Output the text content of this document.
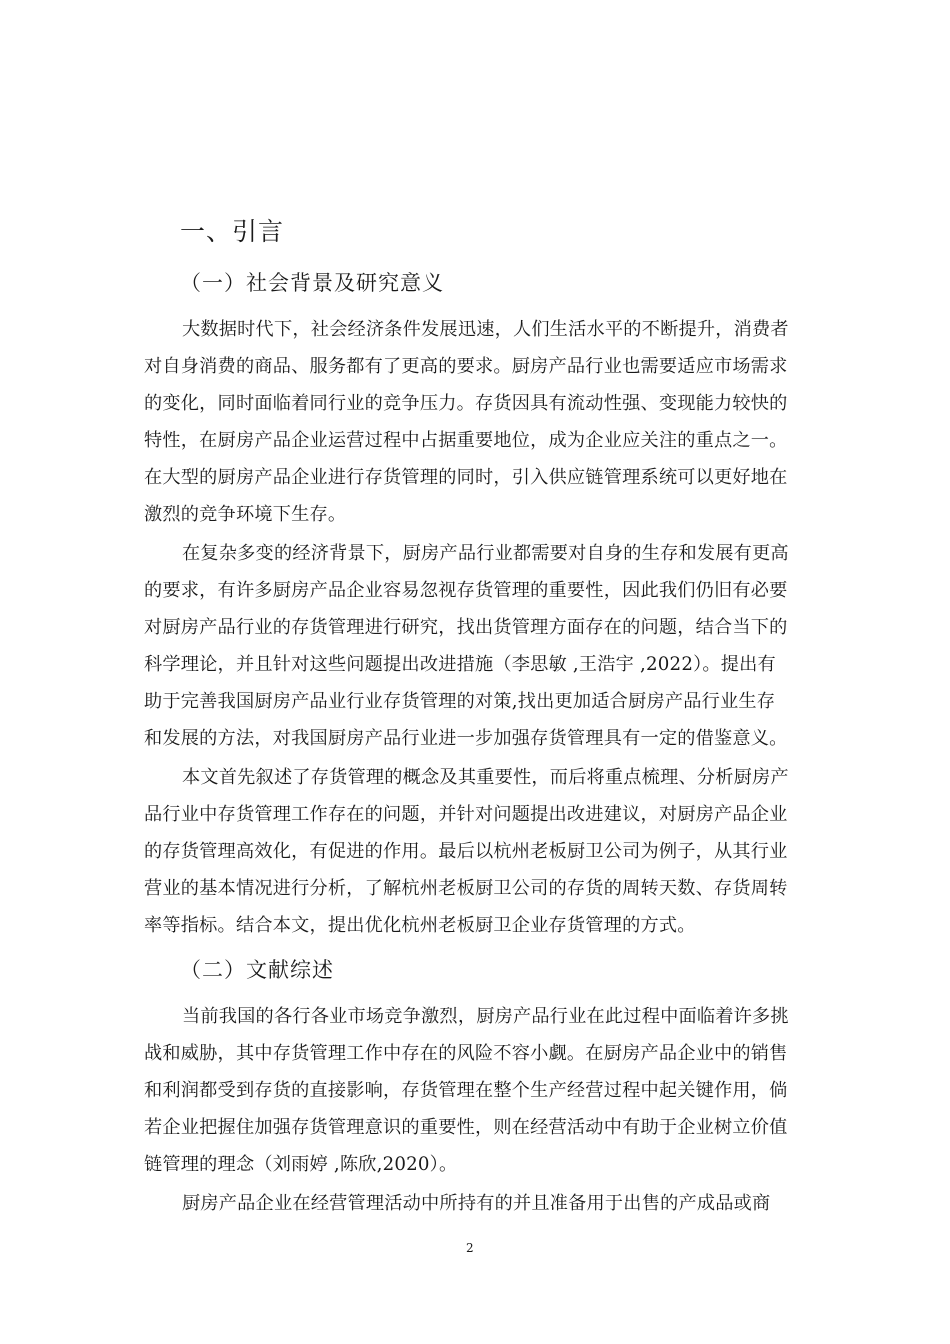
一、引言
（一）社会背景及研究意义
大数据时代下，社会经济条件发展迅速，人们生活水平的不断提升，消费者
对自身消费的商品、服务都有了更高的要求。厨房产品行业也需要适应市场需求
的变化，同时面临着同行业的竞争压力。存货因具有流动性强、变现能力较快的
特性，在厨房产品企业运营过程中占据重要地位，成为企业应关注的重点之一。
在大型的厨房产品企业进行存货管理的同时，引入供应链管理系统可以更好地在
激烈的竞争环境下生存。
在复杂多变的经济背景下，厨房产品行业都需要对自身的生存和发展有更高
的要求，有许多厨房产品企业容易忽视存货管理的重要性，因此我们仍旧有必要
对厨房产品行业的存货管理进行研究，找出货管理方面存在的问题，结合当下的
科学理论，并且针对这些问题提出改进措施（李思敏 ,王浩宇 ,2022）。提出有
助于完善我国厨房产品业行业存货管理的对策,找出更加适合厨房产品行业生存
和发展的方法，对我国厨房产品行业进一步加强存货管理具有一定的借鉴意义。
本文首先叙述了存货管理的概念及其重要性，而后将重点梳理、分析厨房产
品行业中存货管理工作存在的问题，并针对问题提出改进建议，对厨房产品企业
的存货管理高效化，有促进的作用。最后以杭州老板厨卫公司为例子，从其行业
营业的基本情况进行分析，了解杭州老板厨卫公司的存货的周转天数、存货周转
率等指标。结合本文，提出优化杭州老板厨卫企业存货管理的方式。
（二）文献综述
当前我国的各行各业市场竞争激烈，厨房产品行业在此过程中面临着许多挑
战和威胁，其中存货管理工作中存在的风险不容小觑。在厨房产品企业中的销售
和利润都受到存货的直接影响，存货管理在整个生产经营过程中起关键作用，倘
若企业把握住加强存货管理意识的重要性，则在经营活动中有助于企业树立价值
链管理的理念（刘雨婷 ,陈欣,2020）。
厨房产品企业在经营管理活动中所持有的并且准备用于出售的产成品或商
2
